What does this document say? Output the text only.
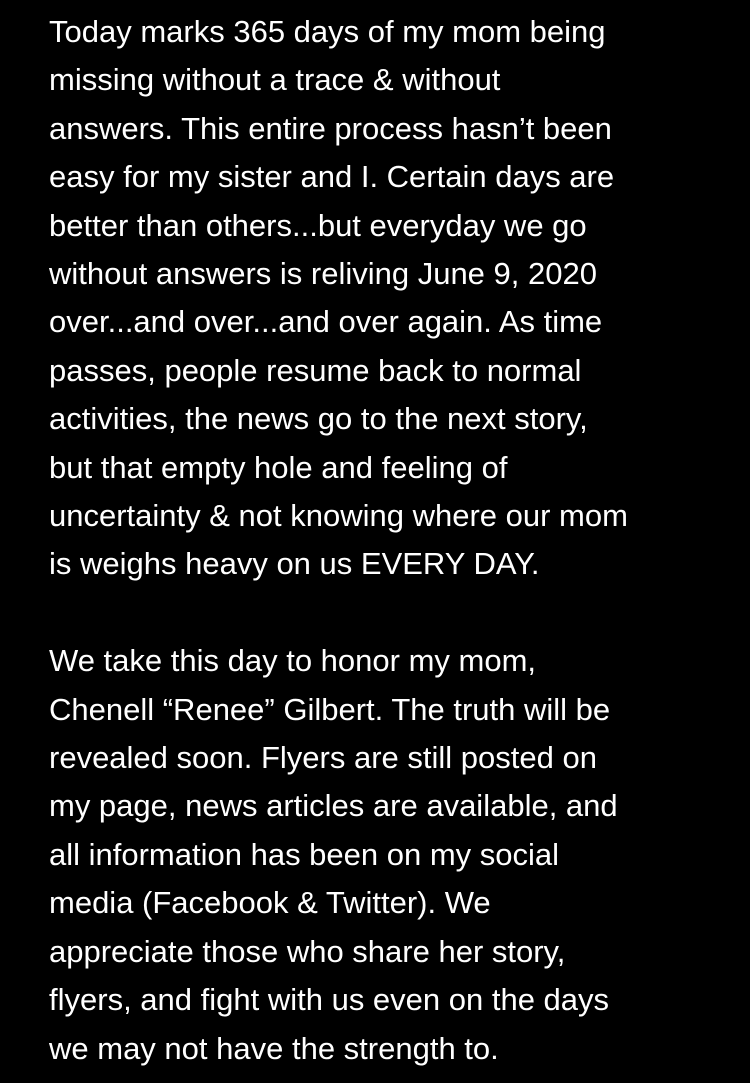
Today marks 365 days of my mom being
missing without a trace & without
answers. This entire process hasn’t been
easy for my sister and I. Certain days are
better than others...but everyday we go
without answers is reliving June 9, 2020
over...and over...and over again. As time
passes, people resume back to normal
activities, the news go to the next story,
but that empty hole and feeling of
uncertainty & not knowing where our mom
is weighs heavy on us EVERY DAY.
We take this day to honor my mom,
Chenell “Renee” Gilbert. The truth will be
revealed soon. Flyers are still posted on
my page, news articles are available, and
all information has been on my social
media (Facebook & Twitter). We
appreciate those who share her story,
flyers, and fight with us even on the days
we may not have the strength to.
